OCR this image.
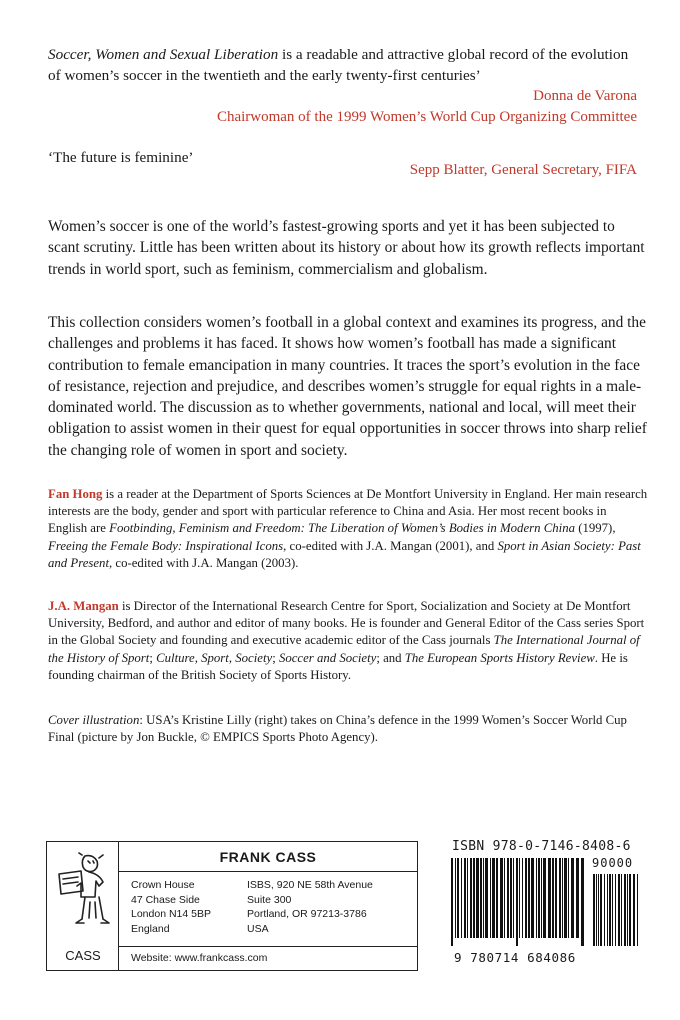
Soccer, Women and Sexual Liberation is a readable and attractive global record of the evolution of women’s soccer in the twentieth and the early twenty-first centuries’
Donna de Varona
Chairwoman of the 1999 Women’s World Cup Organizing Committee
‘The future is feminine’
Sepp Blatter, General Secretary, FIFA

Women’s soccer is one of the world’s fastest-growing sports and yet it has been subjected to scant scrutiny. Little has been written about its history or about how its growth reflects important trends in world sport, such as feminism, commercialism and globalism.

This collection considers women’s football in a global context and examines its progress, and the challenges and problems it has faced. It shows how women’s football has made a significant contribution to female emancipation in many countries. It traces the sport’s evolution in the face of resistance, rejection and prejudice, and describes women’s struggle for equal rights in a male-dominated world. The discussion as to whether governments, national and local, will meet their obligation to assist women in their quest for equal opportunities in soccer throws into sharp relief the changing role of women in sport and society.

Fan Hong is a reader at the Department of Sports Sciences at De Montfort University in England. Her main research interests are the body, gender and sport with particular reference to China and Asia. Her most recent books in English are Footbinding, Feminism and Freedom: The Liberation of Women’s Bodies in Modern China (1997), Freeing the Female Body: Inspirational Icons, co-edited with J.A. Mangan (2001), and Sport in Asian Society: Past and Present, co-edited with J.A. Mangan (2003).

J.A. Mangan is Director of the International Research Centre for Sport, Socialization and Society at De Montfort University, Bedford, and author and editor of many books. He is founder and General Editor of the Cass series Sport in the Global Society and founding and executive academic editor of the Cass journals The International Journal of the History of Sport; Culture, Sport, Society; Soccer and Society; and The European Sports History Review. He is founding chairman of the British Society of Sports History.

Cover illustration: USA’s Kristine Lilly (right) takes on China’s defence in the 1999 Women’s Soccer World Cup Final (picture by Jon Buckle, © EMPICS Sports Photo Agency).

CASS
FRANK CASS
Crown House
47 Chase Side
London N14 5BP
England
ISBS, 920 NE 58th Avenue
Suite 300
Portland, OR 97213-3786
USA
Website: www.frankcass.com
ISBN 978-0-7146-8408-6
90000
9 780714 684086
